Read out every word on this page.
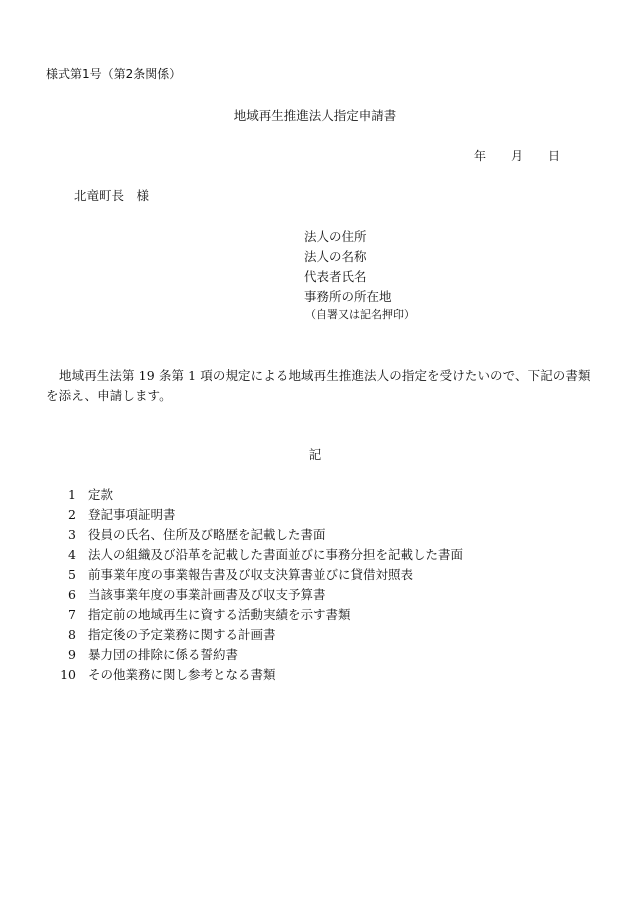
様式第1号（第2条関係）
地域再生推進法人指定申請書
年 月 日
北竜町長　様
法人の住所
法人の名称
代表者氏名
事務所の所在地
（自署又は記名押印）
地域再生法第 19 条第 1 項の規定による地域再生推進法人の指定を受けたいので、下記の書類を添え、申請します。
記
1 定款
2 登記事項証明書
3 役員の氏名、住所及び略歴を記載した書面
4 法人の組織及び沿革を記載した書面並びに事務分担を記載した書面
5 前事業年度の事業報告書及び収支決算書並びに貸借対照表
6 当該事業年度の事業計画書及び収支予算書
7 指定前の地域再生に資する活動実績を示す書類
8 指定後の予定業務に関する計画書
9 暴力団の排除に係る誓約書
10 その他業務に関し参考となる書類
